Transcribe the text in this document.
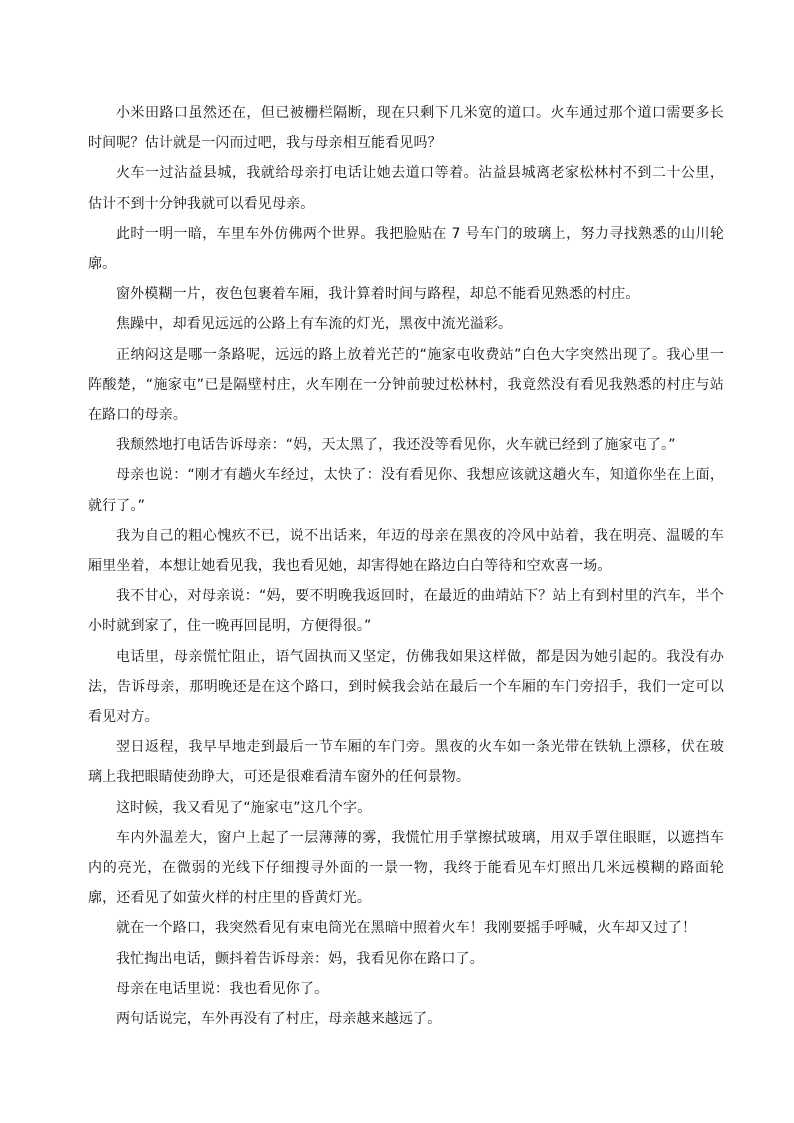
小米田路口虽然还在，但已被栅栏隔断，现在只剩下几米宽的道口。火车通过那个道口需要多长时间呢？估计就是一闪而过吧，我与母亲相互能看见吗？

火车一过沾益县城，我就给母亲打电话让她去道口等着。沾益县城离老家松林村不到二十公里，估计不到十分钟我就可以看见母亲。

此时一明一暗，车里车外仿佛两个世界。我把脸贴在 7 号车门的玻璃上，努力寻找熟悉的山川轮廓。

窗外模糊一片，夜色包裹着车厢，我计算着时间与路程，却总不能看见熟悉的村庄。

焦躁中，却看见远远的公路上有车流的灯光，黑夜中流光溢彩。

正纳闷这是哪一条路呢，远远的路上放着光芒的“施家屯收费站”白色大字突然出现了。我心里一阵酸楚，“施家屯”已是隔壁村庄，火车刚在一分钟前驶过松林村，我竟然没有看见我熟悉的村庄与站在路口的母亲。

我颓然地打电话告诉母亲：“妈，天太黑了，我还没等看见你，火车就已经到了施家屯了。”

母亲也说：“刚才有趟火车经过，太快了：没有看见你、我想应该就这趟火车，知道你坐在上面，就行了。”

我为自己的粗心愧疚不已，说不出话来，年迈的母亲在黑夜的冷风中站着，我在明亮、温暖的车厢里坐着，本想让她看见我，我也看见她，却害得她在路边白白等待和空欢喜一场。

我不甘心，对母亲说：“妈，要不明晚我返回时，在最近的曲靖站下？站上有到村里的汽车，半个小时就到家了，住一晚再回昆明，方便得很。”

电话里，母亲慌忙阻止，语气固执而又坚定，仿佛我如果这样做，都是因为她引起的。我没有办法，告诉母亲，那明晚还是在这个路口，到时候我会站在最后一个车厢的车门旁招手，我们一定可以看见对方。

翌日返程，我早早地走到最后一节车厢的车门旁。黑夜的火车如一条光带在铁轨上漂移，伏在玻璃上我把眼睛使劲睁大，可还是很难看清车窗外的任何景物。

这时候，我又看见了“施家屯”这几个字。

车内外温差大，窗户上起了一层薄薄的雾，我慌忙用手掌擦拭玻璃，用双手罩住眼眶，以遮挡车内的亮光，在微弱的光线下仔细搜寻外面的一景一物，我终于能看见车灯照出几米远模糊的路面轮廓，还看见了如萤火样的村庄里的昏黄灯光。

就在一个路口，我突然看见有束电筒光在黑暗中照着火车！我刚要摇手呼喊，火车却又过了！

我忙掏出电话，颤抖着告诉母亲：妈，我看见你在路口了。

母亲在电话里说：我也看见你了。

两句话说完，车外再没有了村庄，母亲越来越远了。
